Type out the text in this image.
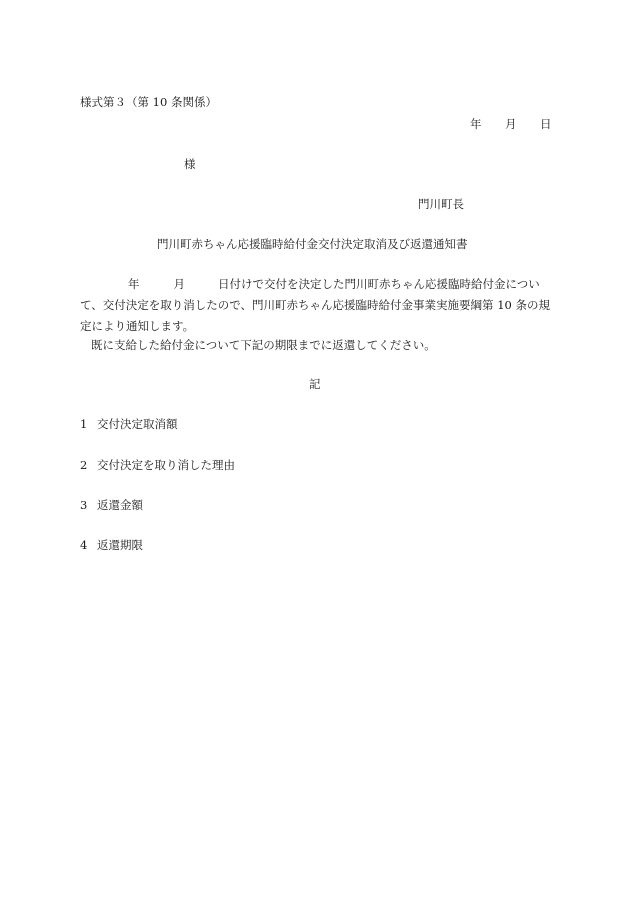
様式第３（第 10 条関係）
年 月 日
様
門川町長
門川町赤ちゃん応援臨時給付金交付決定取消及び返還通知書
年	月	日付けで交付を決定した門川町赤ちゃん応援臨時給付金につい
て、交付決定を取り消したので、門川町赤ちゃん応援臨時給付金事業実施要綱第 10 条の規
定により通知します。
既に支給した給付金について下記の期限までに返還してください。
記
1 交付決定取消額
2 交付決定を取り消した理由
3 返還金額
4 返還期限
